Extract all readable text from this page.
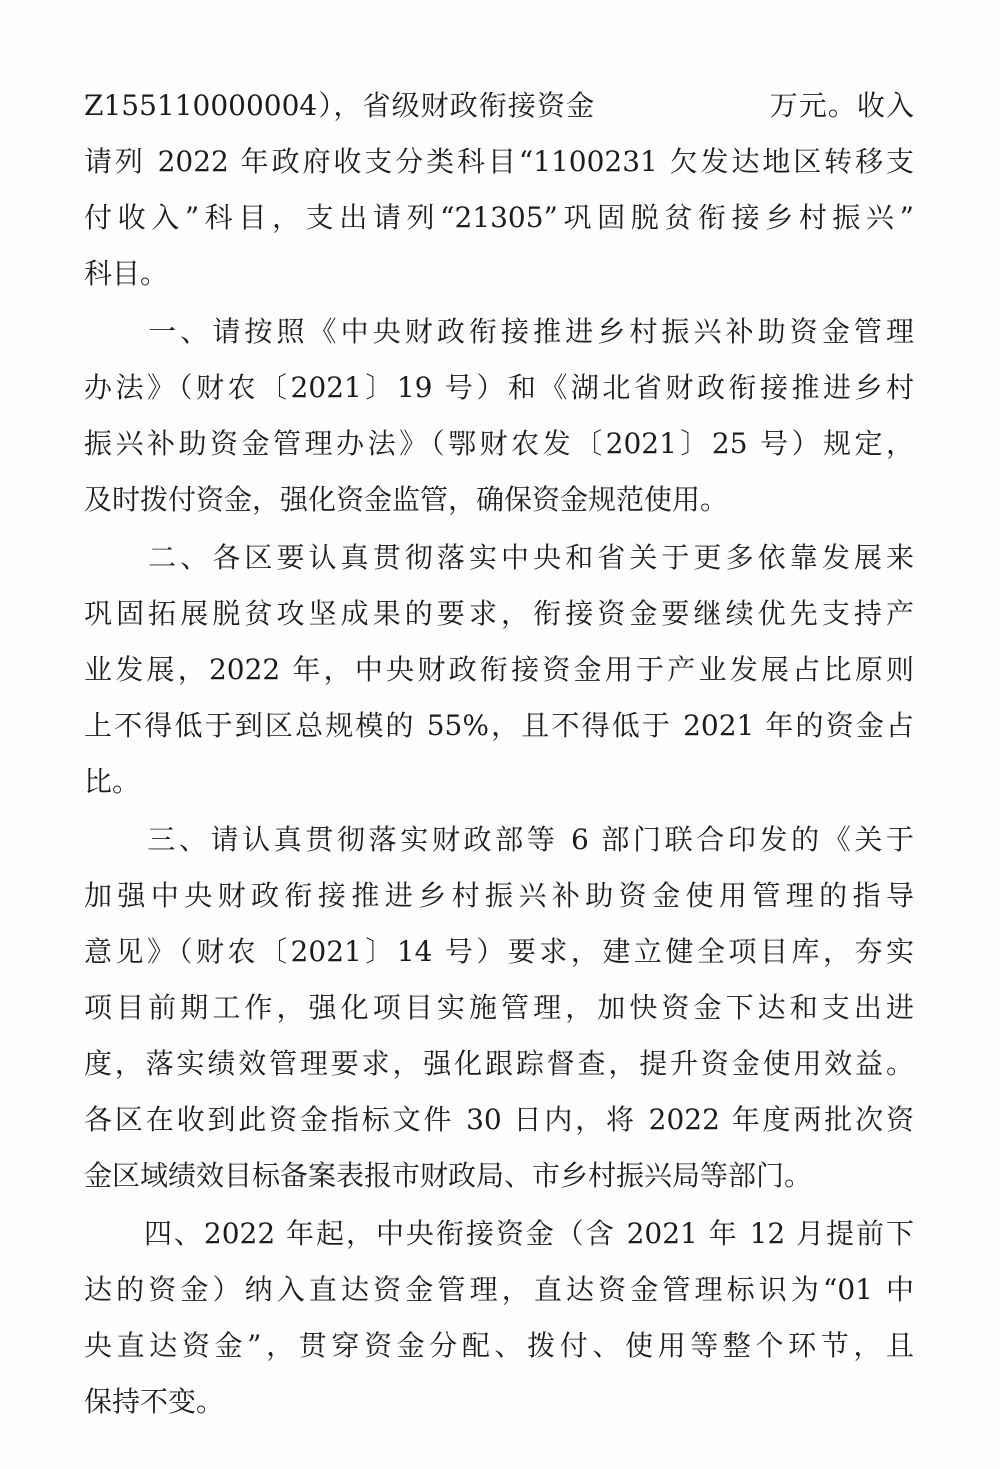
Z155110000004），省级财政衔接资金　　　　　　万元。收入
请列 2022 年政府收支分类科目“1100231 欠发达地区转移支
付收入”科目，支出请列“21305”巩固脱贫衔接乡村振兴”
科目。
　　一、请按照《中央财政衔接推进乡村振兴补助资金管理
办法》（财农〔2021〕19 号）和《湖北省财政衔接推进乡村
振兴补助资金管理办法》（鄂财农发〔2021〕25 号）规定，
及时拨付资金，强化资金监管，确保资金规范使用。
　　二、各区要认真贯彻落实中央和省关于更多依靠发展来
巩固拓展脱贫攻坚成果的要求，衔接资金要继续优先支持产
业发展，2022 年，中央财政衔接资金用于产业发展占比原则
上不得低于到区总规模的 55%，且不得低于 2021 年的资金占
比。
　　三、请认真贯彻落实财政部等 6 部门联合印发的《关于
加强中央财政衔接推进乡村振兴补助资金使用管理的指导
意见》（财农〔2021〕14 号）要求，建立健全项目库，夯实
项目前期工作，强化项目实施管理，加快资金下达和支出进
度，落实绩效管理要求，强化跟踪督查，提升资金使用效益。
各区在收到此资金指标文件 30 日内，将 2022 年度两批次资
金区域绩效目标备案表报市财政局、市乡村振兴局等部门。
　　四、2022 年起，中央衔接资金（含 2021 年 12 月提前下
达的资金）纳入直达资金管理，直达资金管理标识为“01 中
央直达资金”，贯穿资金分配、拨付、使用等整个环节，且
保持不变。
